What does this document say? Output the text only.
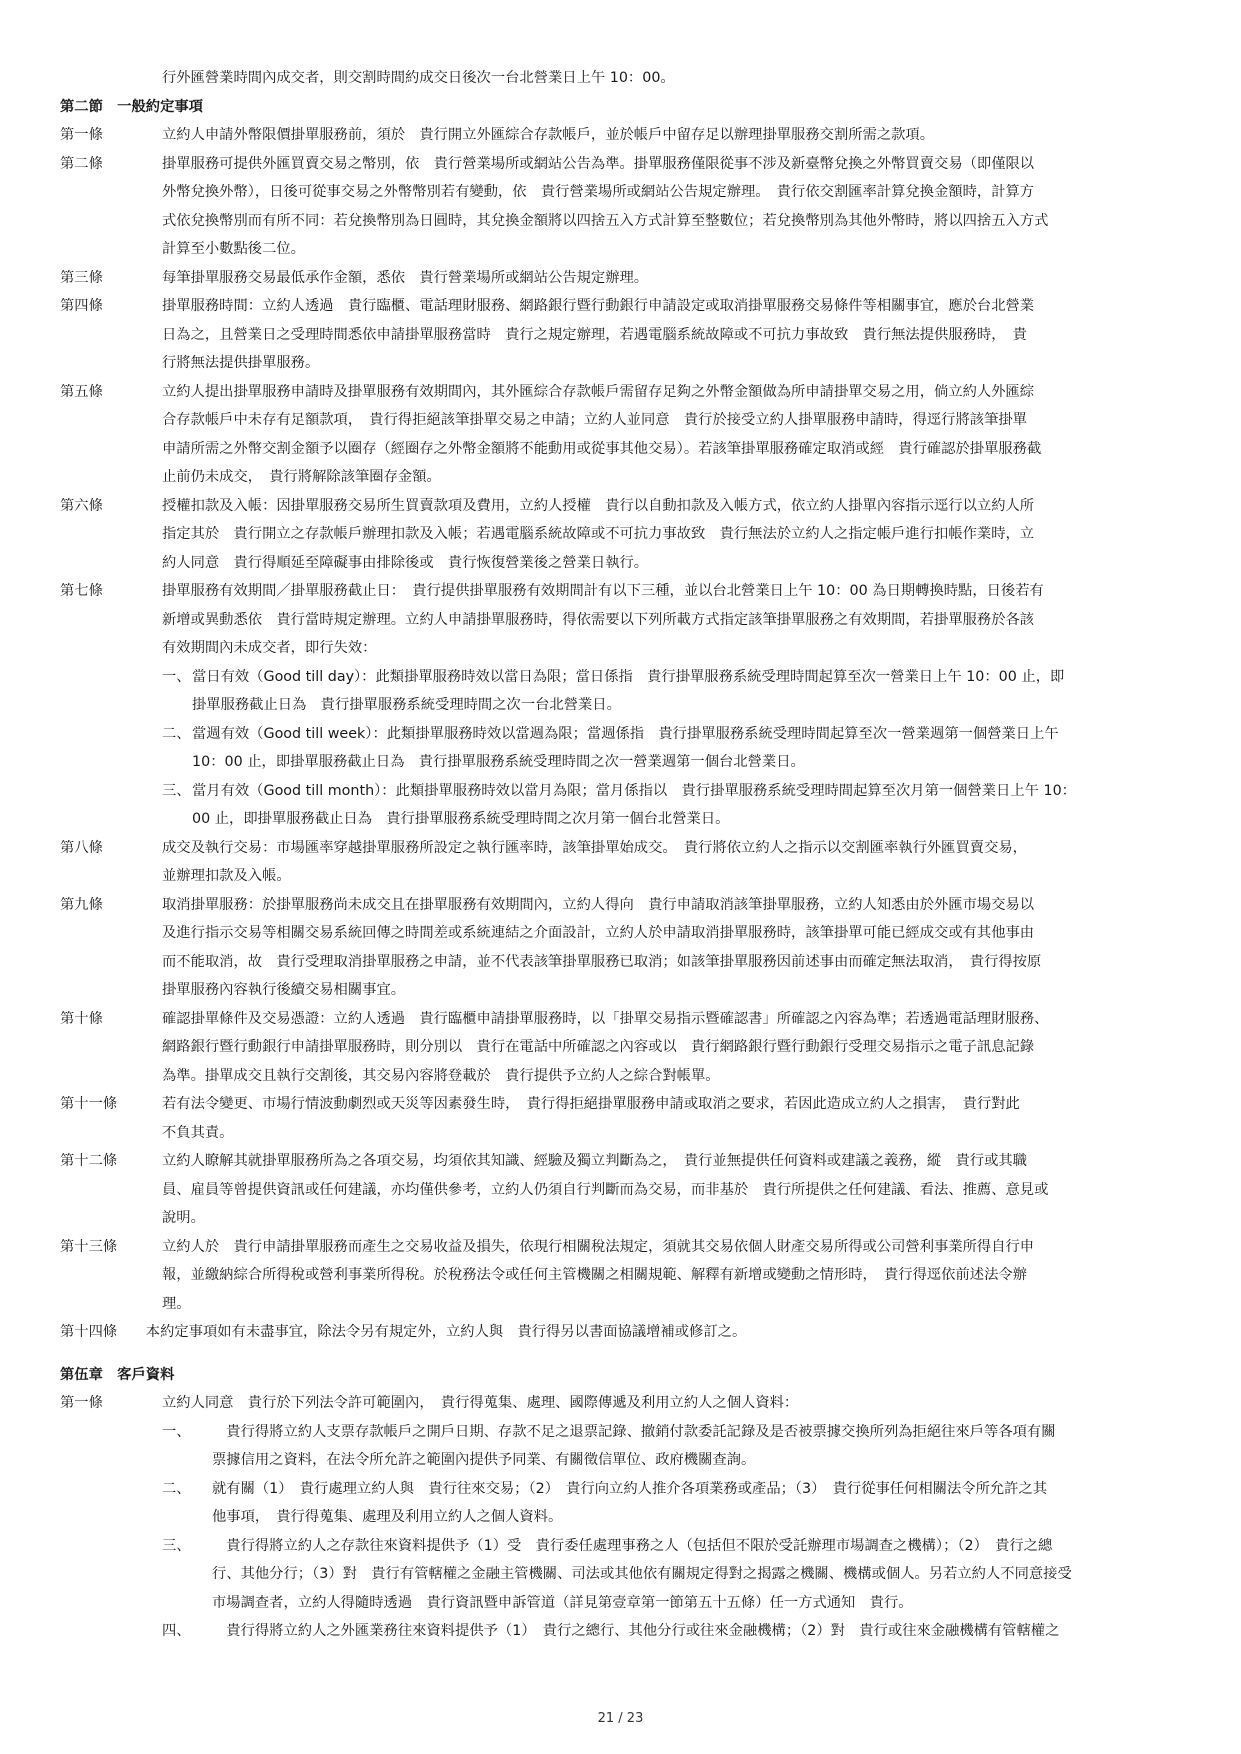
行外匯營業時間內成交者，則交割時間約成交日後次一台北營業日上午 10：00。
第二節　一般約定事項
第一條	立約人申請外幣限價掛單服務前，須於　貴行開立外匯綜合存款帳戶，並於帳戶中留存足以辦理掛單服務交割所需之款項。
第二條	掛單服務可提供外匯買賣交易之幣別，依　貴行營業場所或網站公告為準。掛單服務僅限從事不涉及新臺幣兌換之外幣買賣交易（即僅限以
外幣兌換外幣），日後可從事交易之外幣幣別若有變動，依　貴行營業場所或網站公告規定辦理。　貴行依交割匯率計算兌換金額時，計算方
式依兌換幣別而有所不同：若兌換幣別為日圓時，其兌換金額將以四捨五入方式計算至整數位；若兌換幣別為其他外幣時，將以四捨五入方式
計算至小數點後二位。
第三條	每筆掛單服務交易最低承作金額，悉依　貴行營業場所或網站公告規定辦理。
第四條	掛單服務時間：立約人透過　貴行臨櫃、電話理財服務、網路銀行暨行動銀行申請設定或取消掛單服務交易條件等相關事宜，應於台北營業
日為之，且營業日之受理時間悉依申請掛單服務當時　貴行之規定辦理，若遇電腦系統故障或不可抗力事故致　貴行無法提供服務時，　貴
行將無法提供掛單服務。
第五條	立約人提出掛單服務申請時及掛單服務有效期間內，其外匯綜合存款帳戶需留存足夠之外幣金額做為所申請掛單交易之用，倘立約人外匯綜
合存款帳戶中未存有足額款項，　貴行得拒絕該筆掛單交易之申請；立約人並同意　貴行於接受立約人掛單服務申請時，得逕行將該筆掛單
申請所需之外幣交割金額予以圈存（經圈存之外幣金額將不能動用或從事其他交易）。若該筆掛單服務確定取消或經　貴行確認於掛單服務截
止前仍未成交，　貴行將解除該筆圈存金額。
第六條	授權扣款及入帳：因掛單服務交易所生買賣款項及費用，立約人授權　貴行以自動扣款及入帳方式，依立約人掛單內容指示逕行以立約人所
指定其於　貴行開立之存款帳戶辦理扣款及入帳；若遇電腦系統故障或不可抗力事故致　貴行無法於立約人之指定帳戶進行扣帳作業時，立
約人同意　貴行得順延至障礙事由排除後或　貴行恢復營業後之營業日執行。
第七條	掛單服務有效期間／掛單服務截止日：　貴行提供掛單服務有效期間計有以下三種，並以台北營業日上午 10：00 為日期轉換時點，日後若有
新增或異動悉依　貴行當時規定辦理。立約人申請掛單服務時，得依需要以下列所載方式指定該筆掛單服務之有效期間，若掛單服務於各該
有效期間內未成交者，即行失效：
一、 當日有效（Good till day）：此類掛單服務時效以當日為限；當日係指　貴行掛單服務系統受理時間起算至次一營業日上午 10：00 止，即
掛單服務截止日為　貴行掛單服務系統受理時間之次一台北營業日。
二、 當週有效（Good till week）：此類掛單服務時效以當週為限；當週係指　貴行掛單服務系統受理時間起算至次一營業週第一個營業日上午
10：00 止，即掛單服務截止日為　貴行掛單服務系統受理時間之次一營業週第一個台北營業日。
三、 當月有效（Good till month）：此類掛單服務時效以當月為限；當月係指以　貴行掛單服務系統受理時間起算至次月第一個營業日上午 10：
00 止，即掛單服務截止日為　貴行掛單服務系統受理時間之次月第一個台北營業日。
第八條	成交及執行交易：市場匯率穿越掛單服務所設定之執行匯率時，該筆掛單始成交。　貴行將依立約人之指示以交割匯率執行外匯買賣交易，
並辦理扣款及入帳。
第九條	取消掛單服務：於掛單服務尚未成交且在掛單服務有效期間內，立約人得向　貴行申請取消該筆掛單服務，立約人知悉由於外匯市場交易以
及進行指示交易等相關交易系統回傳之時間差或系統連結之介面設計，立約人於申請取消掛單服務時，該筆掛單可能已經成交或有其他事由
而不能取消，故　貴行受理取消掛單服務之申請，並不代表該筆掛單服務已取消；如該筆掛單服務因前述事由而確定無法取消，　貴行得按原
掛單服務內容執行後續交易相關事宜。
第十條	確認掛單條件及交易憑證：立約人透過　貴行臨櫃申請掛單服務時，以「掛單交易指示暨確認書」所確認之內容為準；若透過電話理財服務、
網路銀行暨行動銀行申請掛單服務時，則分別以　貴行在電話中所確認之內容或以　貴行網路銀行暨行動銀行受理交易指示之電子訊息記錄
為準。掛單成交且執行交割後，其交易內容將登載於　貴行提供予立約人之綜合對帳單。
第十一條	若有法令變更、市場行情波動劇烈或天災等因素發生時，　貴行得拒絕掛單服務申請或取消之要求，若因此造成立約人之損害，　貴行對此
不負其責。
第十二條	立約人瞭解其就掛單服務所為之各項交易，均須依其知識、經驗及獨立判斷為之，　貴行並無提供任何資料或建議之義務，縱　貴行或其職
員、雇員等曾提供資訊或任何建議，亦均僅供參考，立約人仍須自行判斷而為交易，而非基於　貴行所提供之任何建議、看法、推薦、意見或
說明。
第十三條	立約人於　貴行申請掛單服務而產生之交易收益及損失，依現行相關稅法規定，須就其交易依個人財產交易所得或公司營利事業所得自行申
報，並繳納綜合所得稅或營利事業所得稅。於稅務法令或任何主管機關之相關規範、解釋有新增或變動之情形時，　貴行得逕依前述法令辦
理。
第十四條　　本約定事項如有未盡事宜，除法令另有規定外，立約人與　貴行得另以書面協議增補或修訂之。
第伍章　客戶資料
第一條	立約人同意　貴行於下列法令許可範圍內，　貴行得蒐集、處理、國際傳遞及利用立約人之個人資料：
一、	　貴行得將立約人支票存款帳戶之開戶日期、存款不足之退票記錄、撤銷付款委託記錄及是否被票據交換所列為拒絕往來戶等各項有關
票據信用之資料，在法令所允許之範圍內提供予同業、有關徵信單位、政府機關查詢。
二、	就有關（1）　貴行處理立約人與　貴行往來交易；（2）　貴行向立約人推介各項業務或產品；（3）　貴行從事任何相關法令所允許之其
他事項，　貴行得蒐集、處理及利用立約人之個人資料。
三、	　貴行得將立約人之存款往來資料提供予（1）受　貴行委任處理事務之人（包括但不限於受託辦理市場調查之機構）；（2）　貴行之總
行、其他分行；（3）對　貴行有管轄權之金融主管機關、司法或其他依有關規定得對之揭露之機關、機構或個人。另若立約人不同意接受
市場調查者，立約人得隨時透過　貴行資訊暨申訴管道（詳見第壹章第一節第五十五條）任一方式通知　貴行。
四、	　貴行得將立約人之外匯業務往來資料提供予（1）　貴行之總行、其他分行或往來金融機構；（2）對　貴行或往來金融機構有管轄權之
21 / 23
